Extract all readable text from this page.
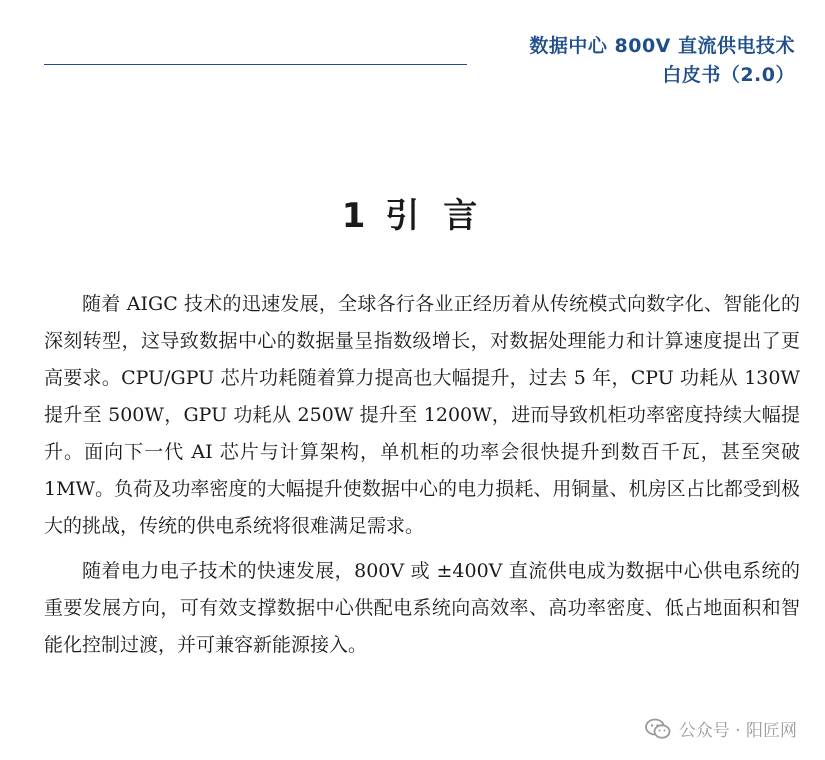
数据中心 800V 直流供电技术
白皮书（2.0）
1 引 言

随着 AIGC 技术的迅速发展，全球各行各业正经历着从传统模式向数字化、智能化的深刻转型，这导致数据中心的数据量呈指数级增长，对数据处理能力和计算速度提出了更高要求。CPU/GPU 芯片功耗随着算力提高也大幅提升，过去 5 年，CPU 功耗从 130W 提升至 500W，GPU 功耗从 250W 提升至 1200W，进而导致机柜功率密度持续大幅提升。面向下一代 AI 芯片与计算架构，单机柜的功率会很快提升到数百千瓦，甚至突破 1MW。负荷及功率密度的大幅提升使数据中心的电力损耗、用铜量、机房区占比都受到极大的挑战，传统的供电系统将很难满足需求。

随着电力电子技术的快速发展，800V 或 ±400V 直流供电成为数据中心供电系统的重要发展方向，可有效支撑数据中心供配电系统向高效率、高功率密度、低占地面积和智能化控制过渡，并可兼容新能源接入。

公众号 · 阳匠网
